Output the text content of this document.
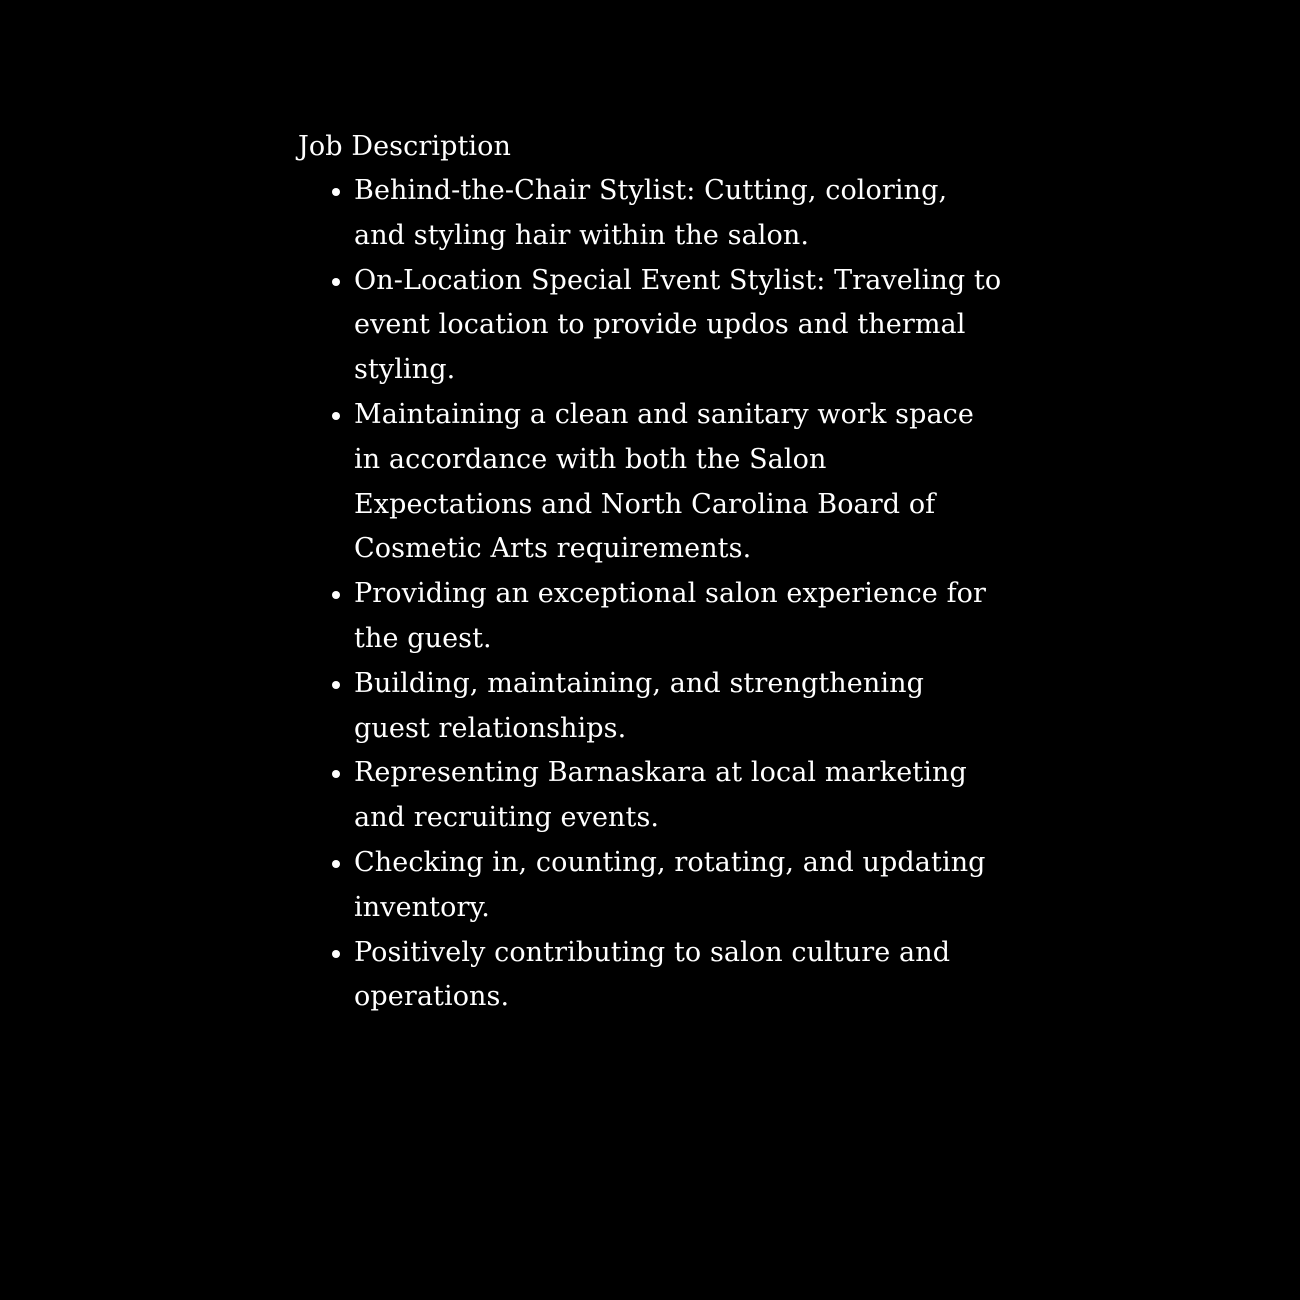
Job Description
Behind-the-Chair Stylist: Cutting, coloring, and styling hair within the salon.
On-Location Special Event Stylist: Traveling to event location to provide updos and thermal styling.
Maintaining a clean and sanitary work space in accordance with both the Salon Expectations and North Carolina Board of Cosmetic Arts requirements.
Providing an exceptional salon experience for the guest.
Building, maintaining, and strengthening guest relationships.
Representing Barnaskara at local marketing and recruiting events.
Checking in, counting, rotating, and updating inventory.
Positively contributing to salon culture and operations.
